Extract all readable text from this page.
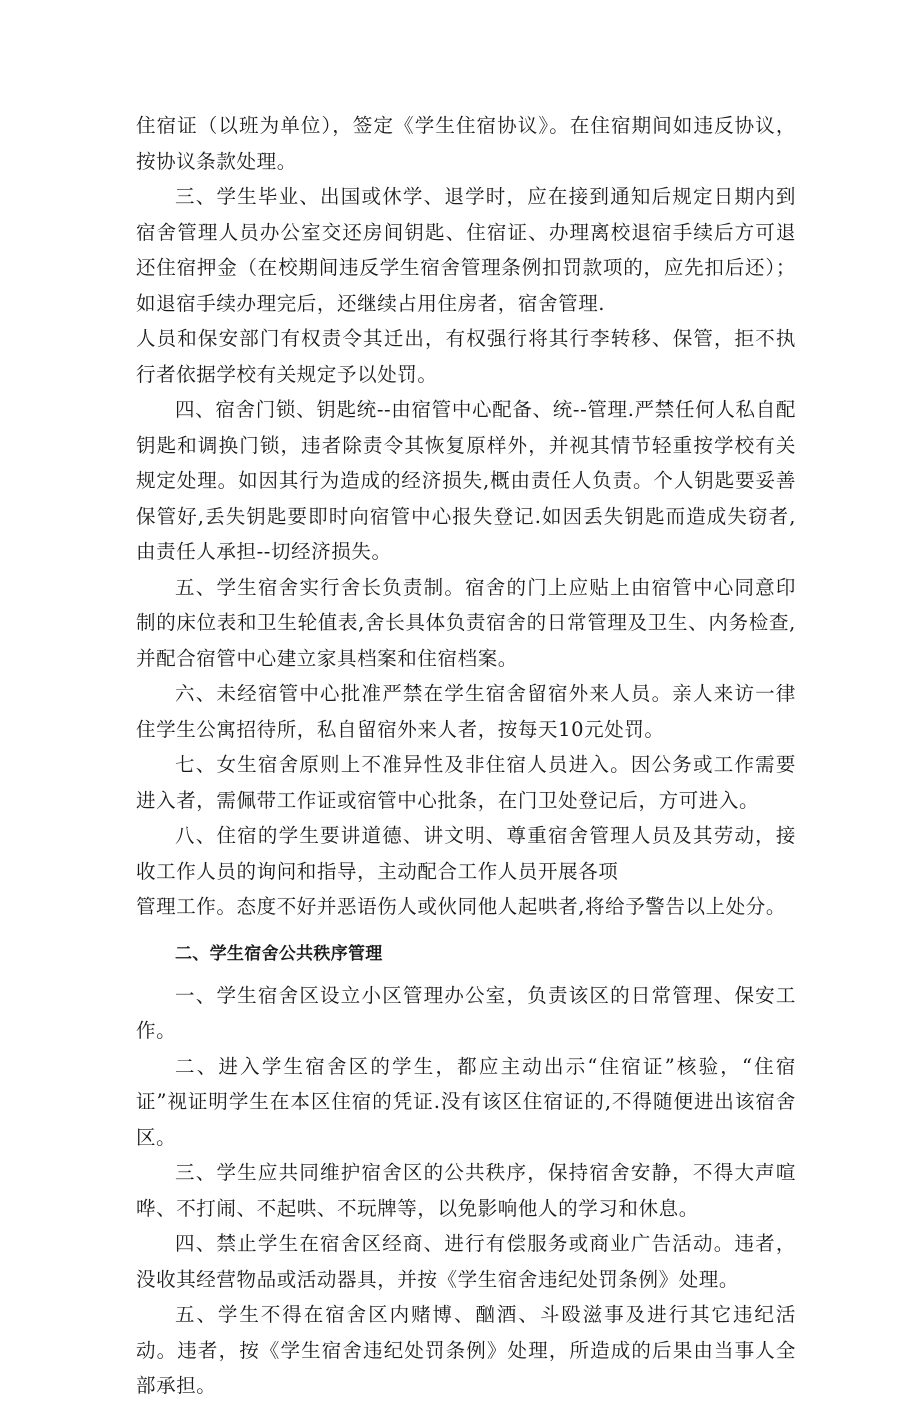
住宿证（以班为单位），签定《学生住宿协议》。在住宿期间如违反协议，按协议条款处理。

三、学生毕业、出国或休学、退学时，应在接到通知后规定日期内到宿舍管理人员办公室交还房间钥匙、住宿证、办理离校退宿手续后方可退还住宿押金（在校期间违反学生宿舍管理条例扣罚款项的，应先扣后还）；如退宿手续办理完后，还继续占用住房者，宿舍管理.

人员和保安部门有权责令其迁出，有权强行将其行李转移、保管，拒不执行者依据学校有关规定予以处罚。

四、宿舍门锁、钥匙统--由宿管中心配备、统--管理.严禁任何人私自配钥匙和调换门锁，违者除责令其恢复原样外，并视其情节轻重按学校有关规定处理。如因其行为造成的经济损失,概由责任人负责。个人钥匙要妥善保管好,丢失钥匙要即时向宿管中心报失登记.如因丢失钥匙而造成失窃者,由责任人承担--切经济损失。

五、学生宿舍实行舍长负责制。宿舍的门上应贴上由宿管中心同意印制的床位表和卫生轮值表,舍长具体负责宿舍的日常管理及卫生、内务检查,并配合宿管中心建立家具档案和住宿档案。

六、未经宿管中心批准严禁在学生宿舍留宿外来人员。亲人来访一律住学生公寓招待所，私自留宿外来人者，按每天10元处罚。

七、女生宿舍原则上不准异性及非住宿人员进入。因公务或工作需要进入者，需佩带工作证或宿管中心批条，在门卫处登记后，方可进入。

八、住宿的学生要讲道德、讲文明、尊重宿舍管理人员及其劳动，接收工作人员的询问和指导，主动配合工作人员开展各项

管理工作。态度不好并恶语伤人或伙同他人起哄者,将给予警告以上处分。

二、学生宿舍公共秩序管理

一、学生宿舍区设立小区管理办公室，负责该区的日常管理、保安工作。

二、进入学生宿舍区的学生，都应主动出示“住宿证”核验，“住宿证”视证明学生在本区住宿的凭证.没有该区住宿证的,不得随便进出该宿舍区。

三、学生应共同维护宿舍区的公共秩序，保持宿舍安静，不得大声喧哗、不打闹、不起哄、不玩牌等，以免影响他人的学习和休息。

四、禁止学生在宿舍区经商、进行有偿服务或商业广告活动。违者，没收其经营物品或活动器具，并按《学生宿舍违纪处罚条例》处理。

五、学生不得在宿舍区内赌博、酗酒、斗殴滋事及进行其它违纪活动。违者，按《学生宿舍违纪处罚条例》处理，所造成的后果由当事人全部承担。
